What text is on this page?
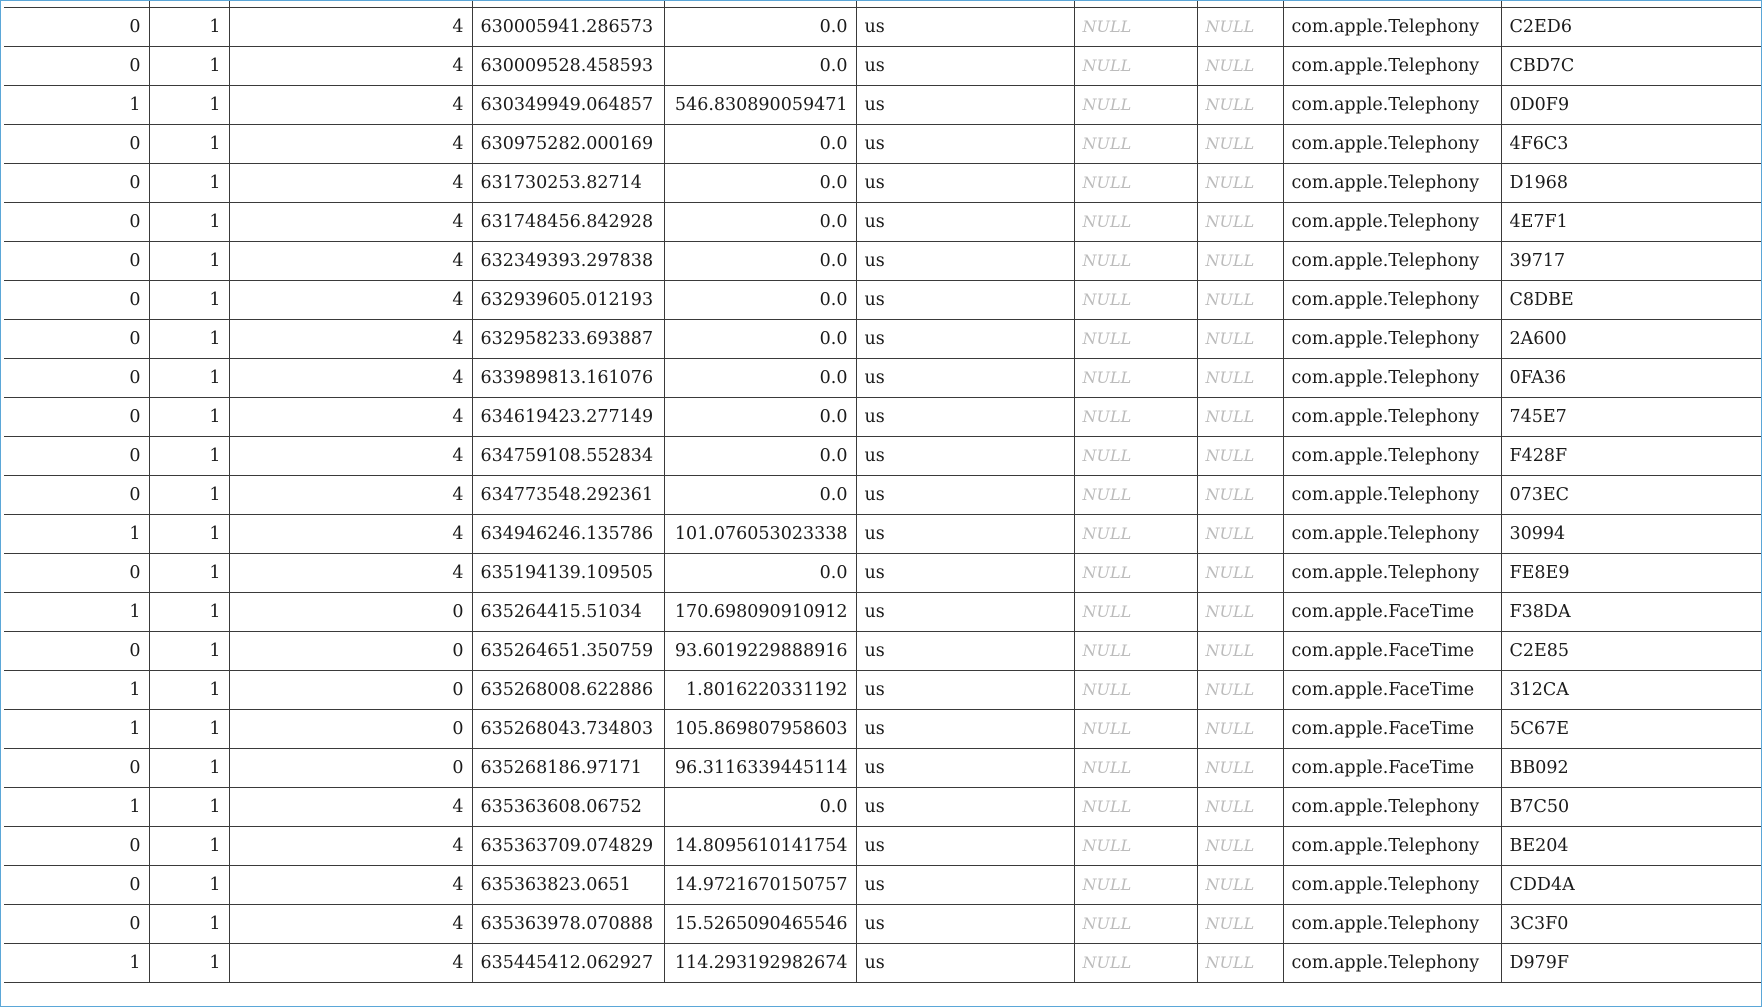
0	1	4	630005941.286573	0.0	us	NULL	NULL	com.apple.Telephony	C2ED6
0	1	4	630009528.458593	0.0	us	NULL	NULL	com.apple.Telephony	CBD7C
1	1	4	630349949.064857	546.830890059471	us	NULL	NULL	com.apple.Telephony	0D0F9
0	1	4	630975282.000169	0.0	us	NULL	NULL	com.apple.Telephony	4F6C3
0	1	4	631730253.82714	0.0	us	NULL	NULL	com.apple.Telephony	D1968
0	1	4	631748456.842928	0.0	us	NULL	NULL	com.apple.Telephony	4E7F1
0	1	4	632349393.297838	0.0	us	NULL	NULL	com.apple.Telephony	39717
0	1	4	632939605.012193	0.0	us	NULL	NULL	com.apple.Telephony	C8DBE
0	1	4	632958233.693887	0.0	us	NULL	NULL	com.apple.Telephony	2A600
0	1	4	633989813.161076	0.0	us	NULL	NULL	com.apple.Telephony	0FA36
0	1	4	634619423.277149	0.0	us	NULL	NULL	com.apple.Telephony	745E7
0	1	4	634759108.552834	0.0	us	NULL	NULL	com.apple.Telephony	F428F
0	1	4	634773548.292361	0.0	us	NULL	NULL	com.apple.Telephony	073EC
1	1	4	634946246.135786	101.076053023338	us	NULL	NULL	com.apple.Telephony	30994
0	1	4	635194139.109505	0.0	us	NULL	NULL	com.apple.Telephony	FE8E9
1	1	0	635264415.51034	170.698090910912	us	NULL	NULL	com.apple.FaceTime	F38DA
0	1	0	635264651.350759	93.6019229888916	us	NULL	NULL	com.apple.FaceTime	C2E85
1	1	0	635268008.622886	1.8016220331192	us	NULL	NULL	com.apple.FaceTime	312CA
1	1	0	635268043.734803	105.869807958603	us	NULL	NULL	com.apple.FaceTime	5C67E
0	1	0	635268186.97171	96.3116339445114	us	NULL	NULL	com.apple.FaceTime	BB092
1	1	4	635363608.06752	0.0	us	NULL	NULL	com.apple.Telephony	B7C50
0	1	4	635363709.074829	14.8095610141754	us	NULL	NULL	com.apple.Telephony	BE204
0	1	4	635363823.0651	14.9721670150757	us	NULL	NULL	com.apple.Telephony	CDD4A
0	1	4	635363978.070888	15.5265090465546	us	NULL	NULL	com.apple.Telephony	3C3F0
1	1	4	635445412.062927	114.293192982674	us	NULL	NULL	com.apple.Telephony	D979F
